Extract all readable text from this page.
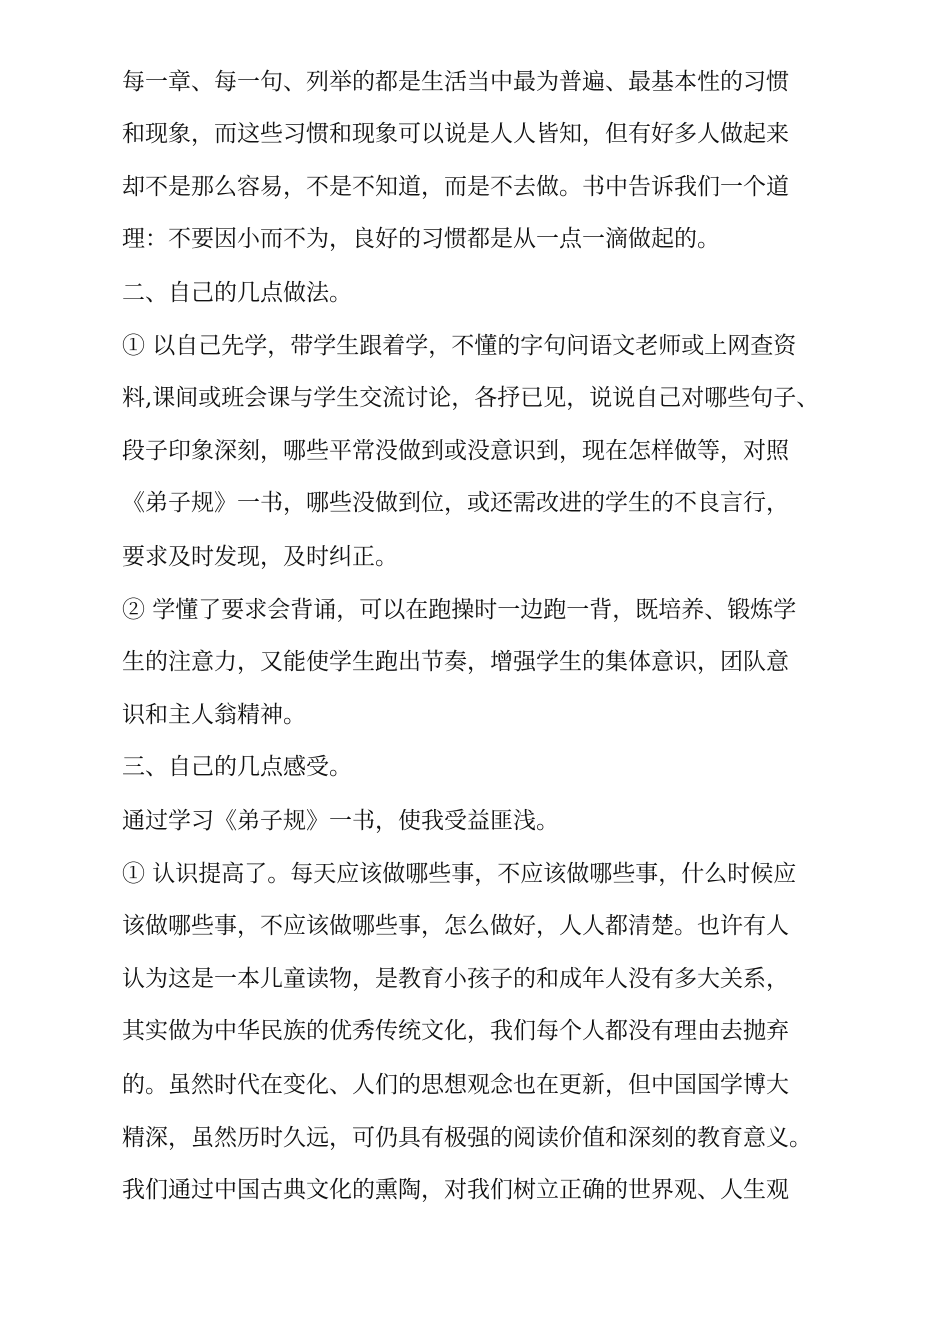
每一章、每一句、列举的都是生活当中最为普遍、最基本性的习惯

和现象，而这些习惯和现象可以说是人人皆知，但有好多人做起来

却不是那么容易，不是不知道，而是不去做。书中告诉我们一个道

理：不要因小而不为，良好的习惯都是从一点一滴做起的。

二、自己的几点做法。

① 以自己先学，带学生跟着学，不懂的字句问语文老师或上网查资

料,课间或班会课与学生交流讨论，各抒已见，说说自己对哪些句子、

段子印象深刻，哪些平常没做到或没意识到，现在怎样做等，对照

《弟子规》一书，哪些没做到位，或还需改进的学生的不良言行，

要求及时发现，及时纠正。

② 学懂了要求会背诵，可以在跑操时一边跑一背，既培养、锻炼学

生的注意力，又能使学生跑出节奏，增强学生的集体意识，团队意

识和主人翁精神。

三、自己的几点感受。

通过学习《弟子规》一书，使我受益匪浅。

① 认识提高了。每天应该做哪些事，不应该做哪些事，什么时候应

该做哪些事，不应该做哪些事，怎么做好，人人都清楚。也许有人

认为这是一本儿童读物，是教育小孩子的和成年人没有多大关系，

其实做为中华民族的优秀传统文化，我们每个人都没有理由去抛弃

的。虽然时代在变化、人们的思想观念也在更新，但中国国学博大

精深，虽然历时久远，可仍具有极强的阅读价值和深刻的教育意义。

我们通过中国古典文化的熏陶，对我们树立正确的世界观、人生观
